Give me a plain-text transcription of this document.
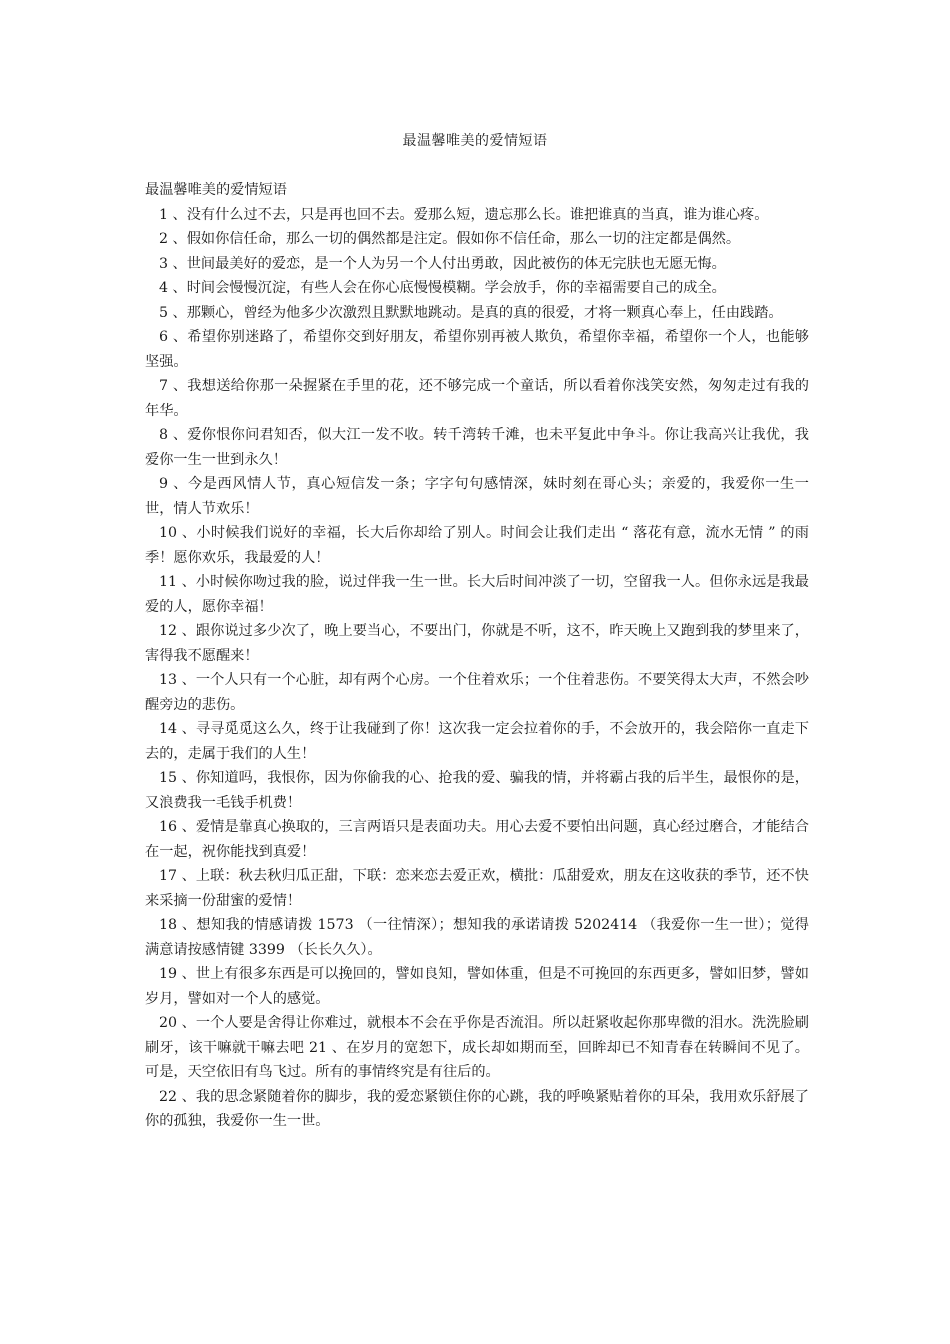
最温馨唯美的爱情短语

最温馨唯美的爱情短语

1 、没有什么过不去，只是再也回不去。爱那么短，遗忘那么长。谁把谁真的当真，谁为谁心疼。

2 、假如你信任命，那么一切的偶然都是注定。假如你不信任命，那么一切的注定都是偶然。

3 、世间最美好的爱恋，是一个人为另一个人付出勇敢，因此被伤的体无完肤也无愿无悔。

4 、时间会慢慢沉淀，有些人会在你心底慢慢模糊。学会放手，你的幸福需要自己的成全。

5 、那颗心，曾经为他多少次激烈且默默地跳动。是真的真的很爱，才将一颗真心奉上，任由践踏。

6 、希望你别迷路了，希望你交到好朋友，希望你别再被人欺负，希望你幸福，希望你一个人，也能够坚强。

7 、我想送给你那一朵握紧在手里的花，还不够完成一个童话，所以看着你浅笑安然，匆匆走过有我的年华。

8 、爱你恨你问君知否，似大江一发不收。转千湾转千滩，也未平复此中争斗。你让我高兴让我优，我爱你一生一世到永久！

9 、今是西风情人节，真心短信发一条；字字句句感情深，妹时刻在哥心头；亲爱的，我爱你一生一世，情人节欢乐！

10 、小时候我们说好的幸福，长大后你却给了别人。时间会让我们走出 “ 落花有意，流水无情 ” 的雨季！愿你欢乐，我最爱的人！

11 、小时候你吻过我的脸，说过伴我一生一世。长大后时间冲淡了一切，空留我一人。但你永远是我最爱的人，愿你幸福！

12 、跟你说过多少次了，晚上要当心，不要出门，你就是不听，这不，昨天晚上又跑到我的梦里来了，害得我不愿醒来！

13 、一个人只有一个心脏，却有两个心房。一个住着欢乐；一个住着悲伤。不要笑得太大声，不然会吵醒旁边的悲伤。

14 、寻寻觅觅这么久，终于让我碰到了你！这次我一定会拉着你的手，不会放开的，我会陪你一直走下去的，走属于我们的人生！

15 、你知道吗，我恨你，因为你偷我的心、抢我的爱、骗我的情，并将霸占我的后半生，最恨你的是，又浪费我一毛钱手机费！

16 、爱情是靠真心换取的，三言两语只是表面功夫。用心去爱不要怕出问题，真心经过磨合，才能结合在一起，祝你能找到真爱！

17 、上联：秋去秋归瓜正甜，下联：恋来恋去爱正欢，横批：瓜甜爱欢，朋友在这收获的季节，还不快来采摘一份甜蜜的爱情！

18 、想知我的情感请拨 1573 （一往情深）；想知我的承诺请拨 5202414 （我爱你一生一世）；觉得满意请按感情键 3399 （长长久久）。

19 、世上有很多东西是可以挽回的，譬如良知，譬如体重，但是不可挽回的东西更多，譬如旧梦，譬如岁月，譬如对一个人的感觉。

20 、一个人要是舍得让你难过，就根本不会在乎你是否流泪。所以赶紧收起你那卑微的泪水。洗洗脸刷刷牙，该干嘛就干嘛去吧 21 、在岁月的宽恕下，成长却如期而至，回眸却已不知青春在转瞬间不见了。可是，天空依旧有鸟飞过。所有的事情终究是有往后的。

22 、我的思念紧随着你的脚步，我的爱恋紧锁住你的心跳，我的呼唤紧贴着你的耳朵，我用欢乐舒展了你的孤独，我爱你一生一世。
